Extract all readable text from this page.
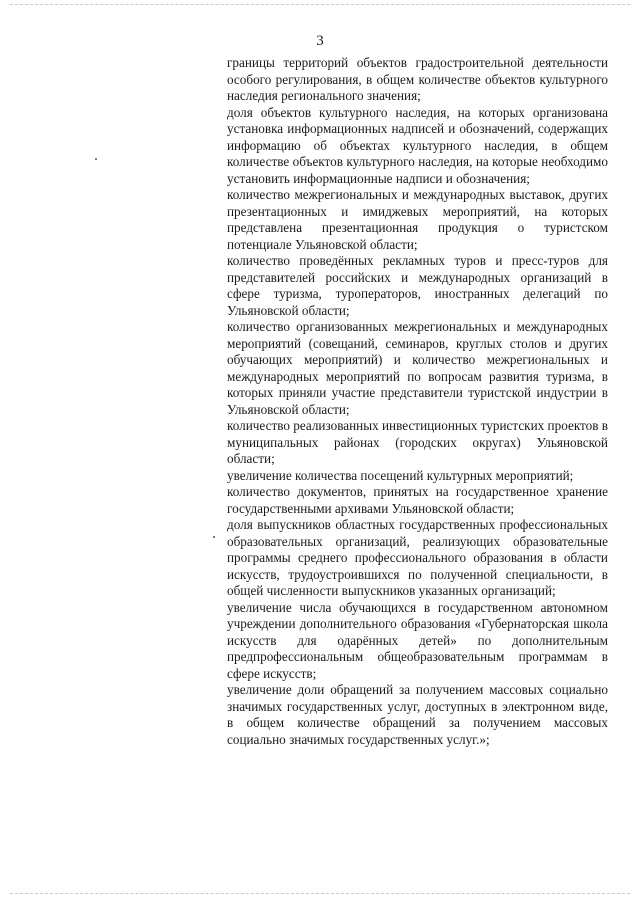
3

границы территорий объектов градостроительной деятельности особого регулирования, в общем количестве объектов культурного наследия регионального значения;

доля объектов культурного наследия, на которых организована установка информационных надписей и обозначений, содержащих информацию об объектах культурного наследия, в общем количестве объектов культурного наследия, на которые необходимо установить информационные надписи и обозначения;

количество межрегиональных и международных выставок, других презентационных и имиджевых мероприятий, на которых представлена презентационная продукция о туристском потенциале Ульяновской области;

количество проведённых рекламных туров и пресс-туров для представителей российских и международных организаций в сфере туризма, туроператоров, иностранных делегаций по Ульяновской области;

количество организованных межрегиональных и международных мероприятий (совещаний, семинаров, круглых столов и других обучающих мероприятий) и количество межрегиональных и международных мероприятий по вопросам развития туризма, в которых приняли участие представители туристской индустрии в Ульяновской области;

количество реализованных инвестиционных туристских проектов в муниципальных районах (городских округах) Ульяновской области;

увеличение количества посещений культурных мероприятий;

количество документов, принятых на государственное хранение государственными архивами Ульяновской области;

доля выпускников областных государственных профессиональных образовательных организаций, реализующих образовательные программы среднего профессионального образования в области искусств, трудоустроившихся по полученной специальности, в общей численности выпускников указанных организаций;

увеличение числа обучающихся в государственном автономном учреждении дополнительного образования «Губернаторская школа искусств для одарённых детей» по дополнительным предпрофессиональным общеобразовательным программам в сфере искусств;

увеличение доли обращений за получением массовых социально значимых государственных услуг, доступных в электронном виде, в общем количестве обращений за получением массовых социально значимых государственных услуг.»;
